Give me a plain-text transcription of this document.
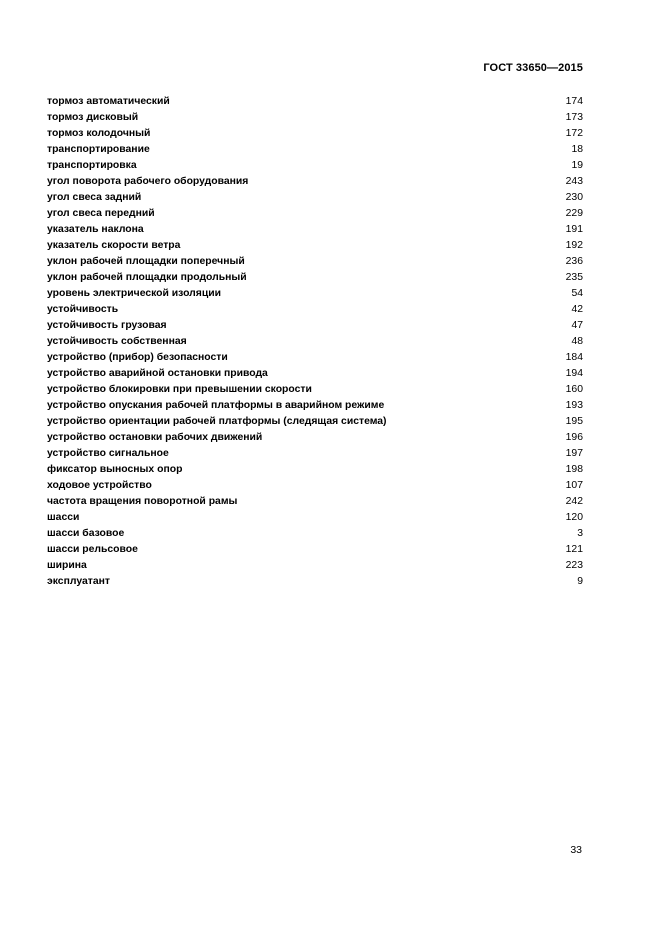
ГОСТ 33650—2015
тормоз автоматический	174
тормоз дисковый	173
тормоз колодочный	172
транспортирование	18
транспортировка	19
угол поворота рабочего оборудования	243
угол свеса задний	230
угол свеса передний	229
указатель наклона	191
указатель скорости ветра	192
уклон рабочей площадки поперечный	236
уклон рабочей площадки продольный	235
уровень электрической изоляции	54
устойчивость	42
устойчивость грузовая	47
устойчивость собственная	48
устройство (прибор) безопасности	184
устройство аварийной остановки привода	194
устройство блокировки при превышении скорости	160
устройство опускания рабочей платформы в аварийном режиме	193
устройство ориентации рабочей платформы (следящая система)	195
устройство остановки рабочих движений	196
устройство сигнальное	197
фиксатор выносных опор	198
ходовое устройство	107
частота вращения поворотной рамы	242
шасси	120
шасси базовое	3
шасси рельсовое	121
ширина	223
эксплуатант	9
33
